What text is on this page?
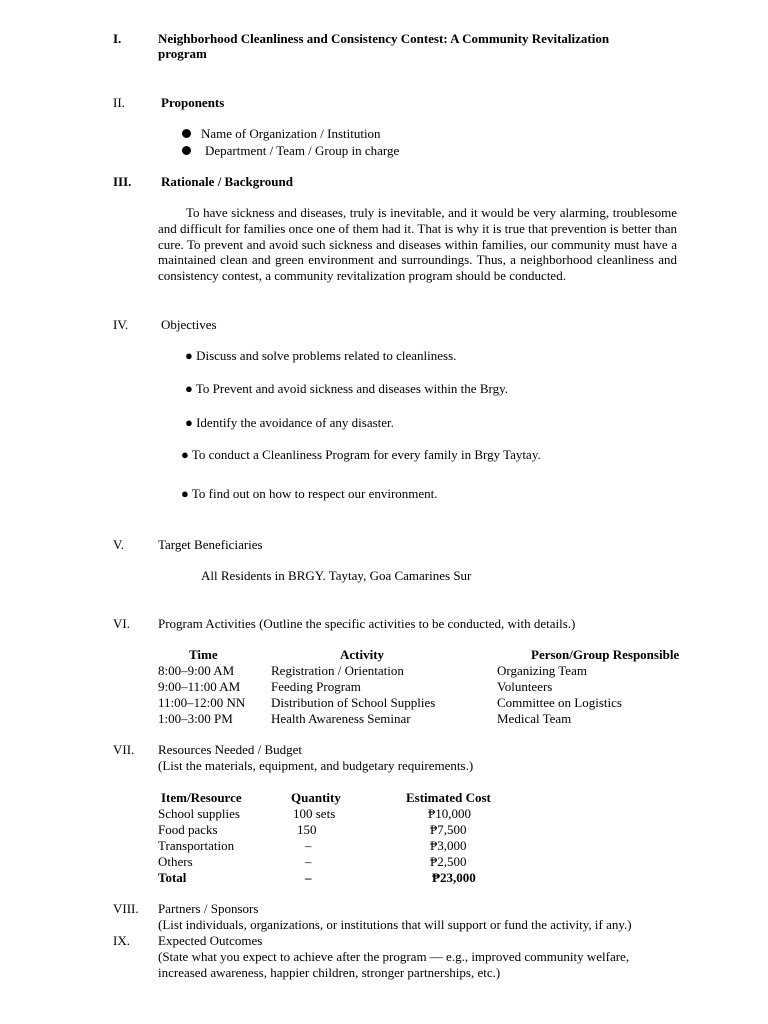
I.	Neighborhood Cleanliness and Consistency Contest: A Community Revitalization
program
II.	Proponents
Name of Organization / Institution
Department / Team / Group in charge
III. Rationale / Background
To have sickness and diseases, truly is inevitable, and it would be very alarming, troublesome and difficult for families once one of them had it. That is why it is true that prevention is better than cure. To prevent and avoid such sickness and diseases within families, our community must have a maintained clean and green environment and surroundings. Thus, a neighborhood cleanliness and consistency contest, a community revitalization program should be conducted.
IV.	Objectives
● Discuss and solve problems related to cleanliness.
● To Prevent and avoid sickness and diseases within the Brgy.
● Identify the avoidance of any disaster.
● To conduct a Cleanliness Program for every family in Brgy Taytay.
● To find out on how to respect our environment.
V.	Target Beneficiaries
All Residents in BRGY. Taytay, Goa Camarines Sur
VI. Program Activities (Outline the specific activities to be conducted, with details.)
Time	Activity	Person/Group Responsible
8:00–9:00 AM	Registration / Orientation	Organizing Team
9:00–11:00 AM	Feeding Program	Volunteers
11:00–12:00 NN	Distribution of School Supplies	Committee on Logistics
1:00–3:00 PM	Health Awareness Seminar	Medical Team
VII. Resources Needed / Budget
(List the materials, equipment, and budgetary requirements.)
Item/Resource	Quantity	Estimated Cost
School supplies	100 sets	₱10,000
Food packs	150	₱7,500
Transportation	–	₱3,000
Others	–	₱2,500
Total	–	₱23,000
VIII. Partners / Sponsors
(List individuals, organizations, or institutions that will support or fund the activity, if any.)
IX. Expected Outcomes
(State what you expect to achieve after the program — e.g., improved community welfare,
increased awareness, happier children, stronger partnerships, etc.)
